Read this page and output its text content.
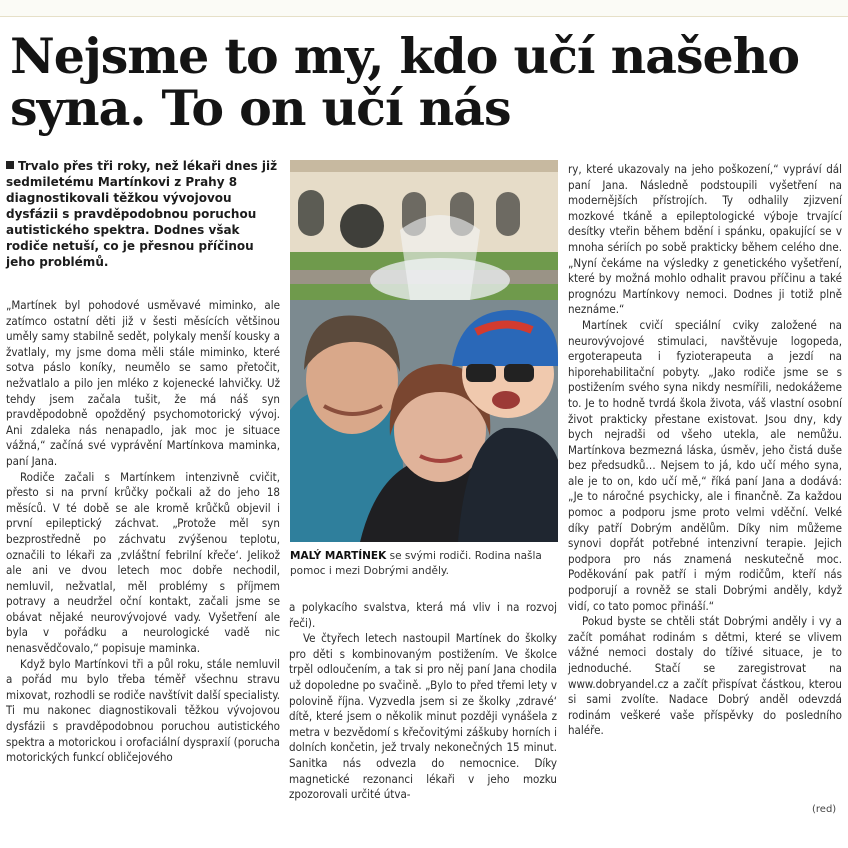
Nejsme to my, kdo učí našeho syna. To on učí nás

Trvalo přes tři roky, než lékaři dnes již sedmiletému Martínkovi z Prahy 8 diagnostikovali těžkou vývojovou dysfázii s pravděpodobnou poruchou autistického spektra. Dodnes však rodiče netuší, co je přesnou příčinou jeho problémů.

„Martínek byl pohodové usměvavé miminko, ale zatímco ostatní děti již v šesti měsících většinou uměly samy stabilně sedět, polykaly menší kousky a žvatlaly, my jsme doma měli stále miminko, které sotva páslo koníky, neumělo se samo přetočit, nežvatlalo a pilo jen mléko z kojenecké lahvičky. Už tehdy jsem začala tušit, že má náš syn pravděpodobně opožděný psychomotorický vývoj. Ani zdaleka nás nenapadlo, jak moc je situace vážná,“ začíná své vyprávění Martínkova maminka, paní Jana.

Rodiče začali s Martínkem intenzivně cvičit, přesto si na první krůčky počkali až do jeho 18 měsíců. V té době se ale kromě krůčků objevil i první epileptický záchvat. „Protože měl syn bezprostředně po záchvatu zvýšenou teplotu, označili to lékaři za ‚zvláštní febrilní křeče‘. Jelikož ale ani ve dvou letech moc dobře nechodil, nemluvil, nežvatlal, měl problémy s příjmem potravy a neudržel oční kontakt, začali jsme se obávat nějaké neurovývojové vady. Vyšetření ale byla v pořádku a neurologické vadě nic nenasvědčovalo,“ popisuje maminka.

Když bylo Martínkovi tři a půl roku, stále nemluvil a pořád mu bylo třeba téměř všechnu stravu mixovat, rozhodli se rodiče navštívit další specialisty. Ti mu nakonec diagnostikovali těžkou vývojovou dysfázii s pravděpodobnou poruchou autistického spektra a motorickou i orofaciální dyspraxií (porucha motorických funkcí obličejového

MALÝ MARTÍNEK se svými rodiči. Rodina našla pomoc i mezi Dobrými anděly.

a polykacího svalstva, která má vliv i na rozvoj řeči).

Ve čtyřech letech nastoupil Martínek do školky pro děti s kombinovaným postižením. Ve školce trpěl odloučením, a tak si pro něj paní Jana chodila už dopoledne po svačině. „Bylo to před třemi lety v polovině října. Vyzvedla jsem si ze školky ‚zdravé‘ dítě, které jsem o několik minut později vynášela z metra v bezvědomí s křečovitými záškuby horních i dolních končetin, jež trvaly nekonečných 15 minut. Sanitka nás odvezla do nemocnice. Díky magnetické rezonanci lékaři v jeho mozku zpozorovali určité útva-

ry, které ukazovaly na jeho poškození,“ vypráví dál paní Jana. Následně podstoupili vyšetření na modernějších přístrojích. Ty odhalily zjizvení mozkové tkáně a epileptologické výboje trvající desítky vteřin během bdění i spánku, opakující se v mnoha sériích po sobě prakticky během celého dne. „Nyní čekáme na výsledky z genetického vyšetření, které by možná mohlo odhalit pravou příčinu a také prognózu Martínkovy nemoci. Dodnes ji totiž plně neznáme.“

Martínek cvičí speciální cviky založené na neurovývojové stimulaci, navštěvuje logopeda, ergoterapeuta i fyzioterapeuta a jezdí na hiporehabilitační pobyty. „Jako rodiče jsme se s postižením svého syna nikdy nesmířili, nedokážeme to. Je to hodně tvrdá škola života, váš vlastní osobní život prakticky přestane existovat. Jsou dny, kdy bych nejradši od všeho utekla, ale nemůžu. Martínkova bezmezná láska, úsměv, jeho čistá duše bez předsudků… Nejsem to já, kdo učí mého syna, ale je to on, kdo učí mě,“ říká paní Jana a dodává: „Je to náročné psychicky, ale i finančně. Za každou pomoc a podporu jsme proto velmi vděční. Velké díky patří Dobrým andělům. Díky nim můžeme synovi dopřát potřebné intenzivní terapie. Jejich podpora pro nás znamená neskutečně moc. Poděkování pak patří i mým rodičům, kteří nás podporují a rovněž se stali Dobrými anděly, když vidí, co tato pomoc přináší.“

Pokud byste se chtěli stát Dobrými anděly i vy a začít pomáhat rodinám s dětmi, které se vlivem vážné nemoci dostaly do tíživé situace, je to jednoduché. Stačí se zaregistrovat na www.dobryandel.cz a začít přispívat částkou, kterou si sami zvolíte. Nadace Dobrý anděl odevzdá rodinám veškeré vaše příspěvky do posledního haléře.

(red)
